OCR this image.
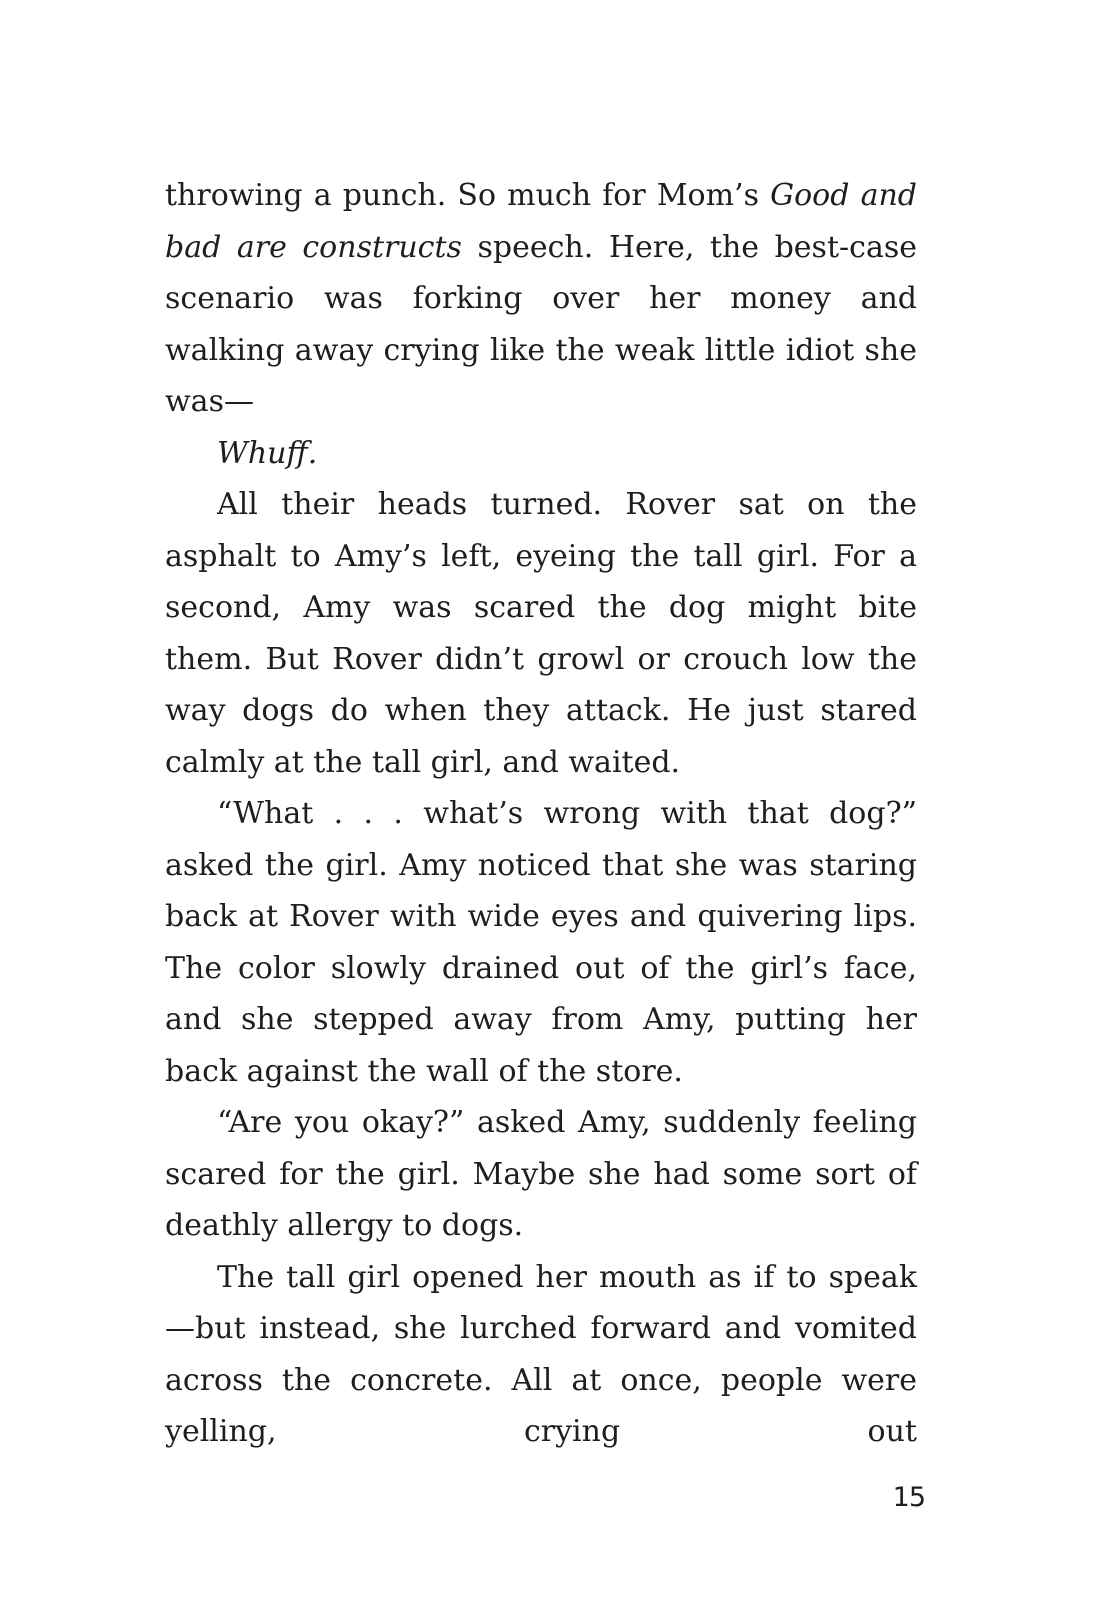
throwing a punch. So much for Mom’s Good and bad are constructs speech. Here, the best-case scenario was forking over her money and walking away crying like the weak little idiot she was—

Whuff.

All their heads turned. Rover sat on the asphalt to Amy’s left, eyeing the tall girl. For a second, Amy was scared the dog might bite them. But Rover didn’t growl or crouch low the way dogs do when they attack. He just stared calmly at the tall girl, and waited.

“What . . . what’s wrong with that dog?” asked the girl. Amy noticed that she was staring back at Rover with wide eyes and quivering lips. The color slowly drained out of the girl’s face, and she stepped away from Amy, putting her back against the wall of the store.

“Are you okay?” asked Amy, suddenly feeling scared for the girl. Maybe she had some sort of deathly allergy to dogs.

The tall girl opened her mouth as if to speak—but instead, she lurched forward and vomited across the concrete. All at once, people were yelling, crying out

15
